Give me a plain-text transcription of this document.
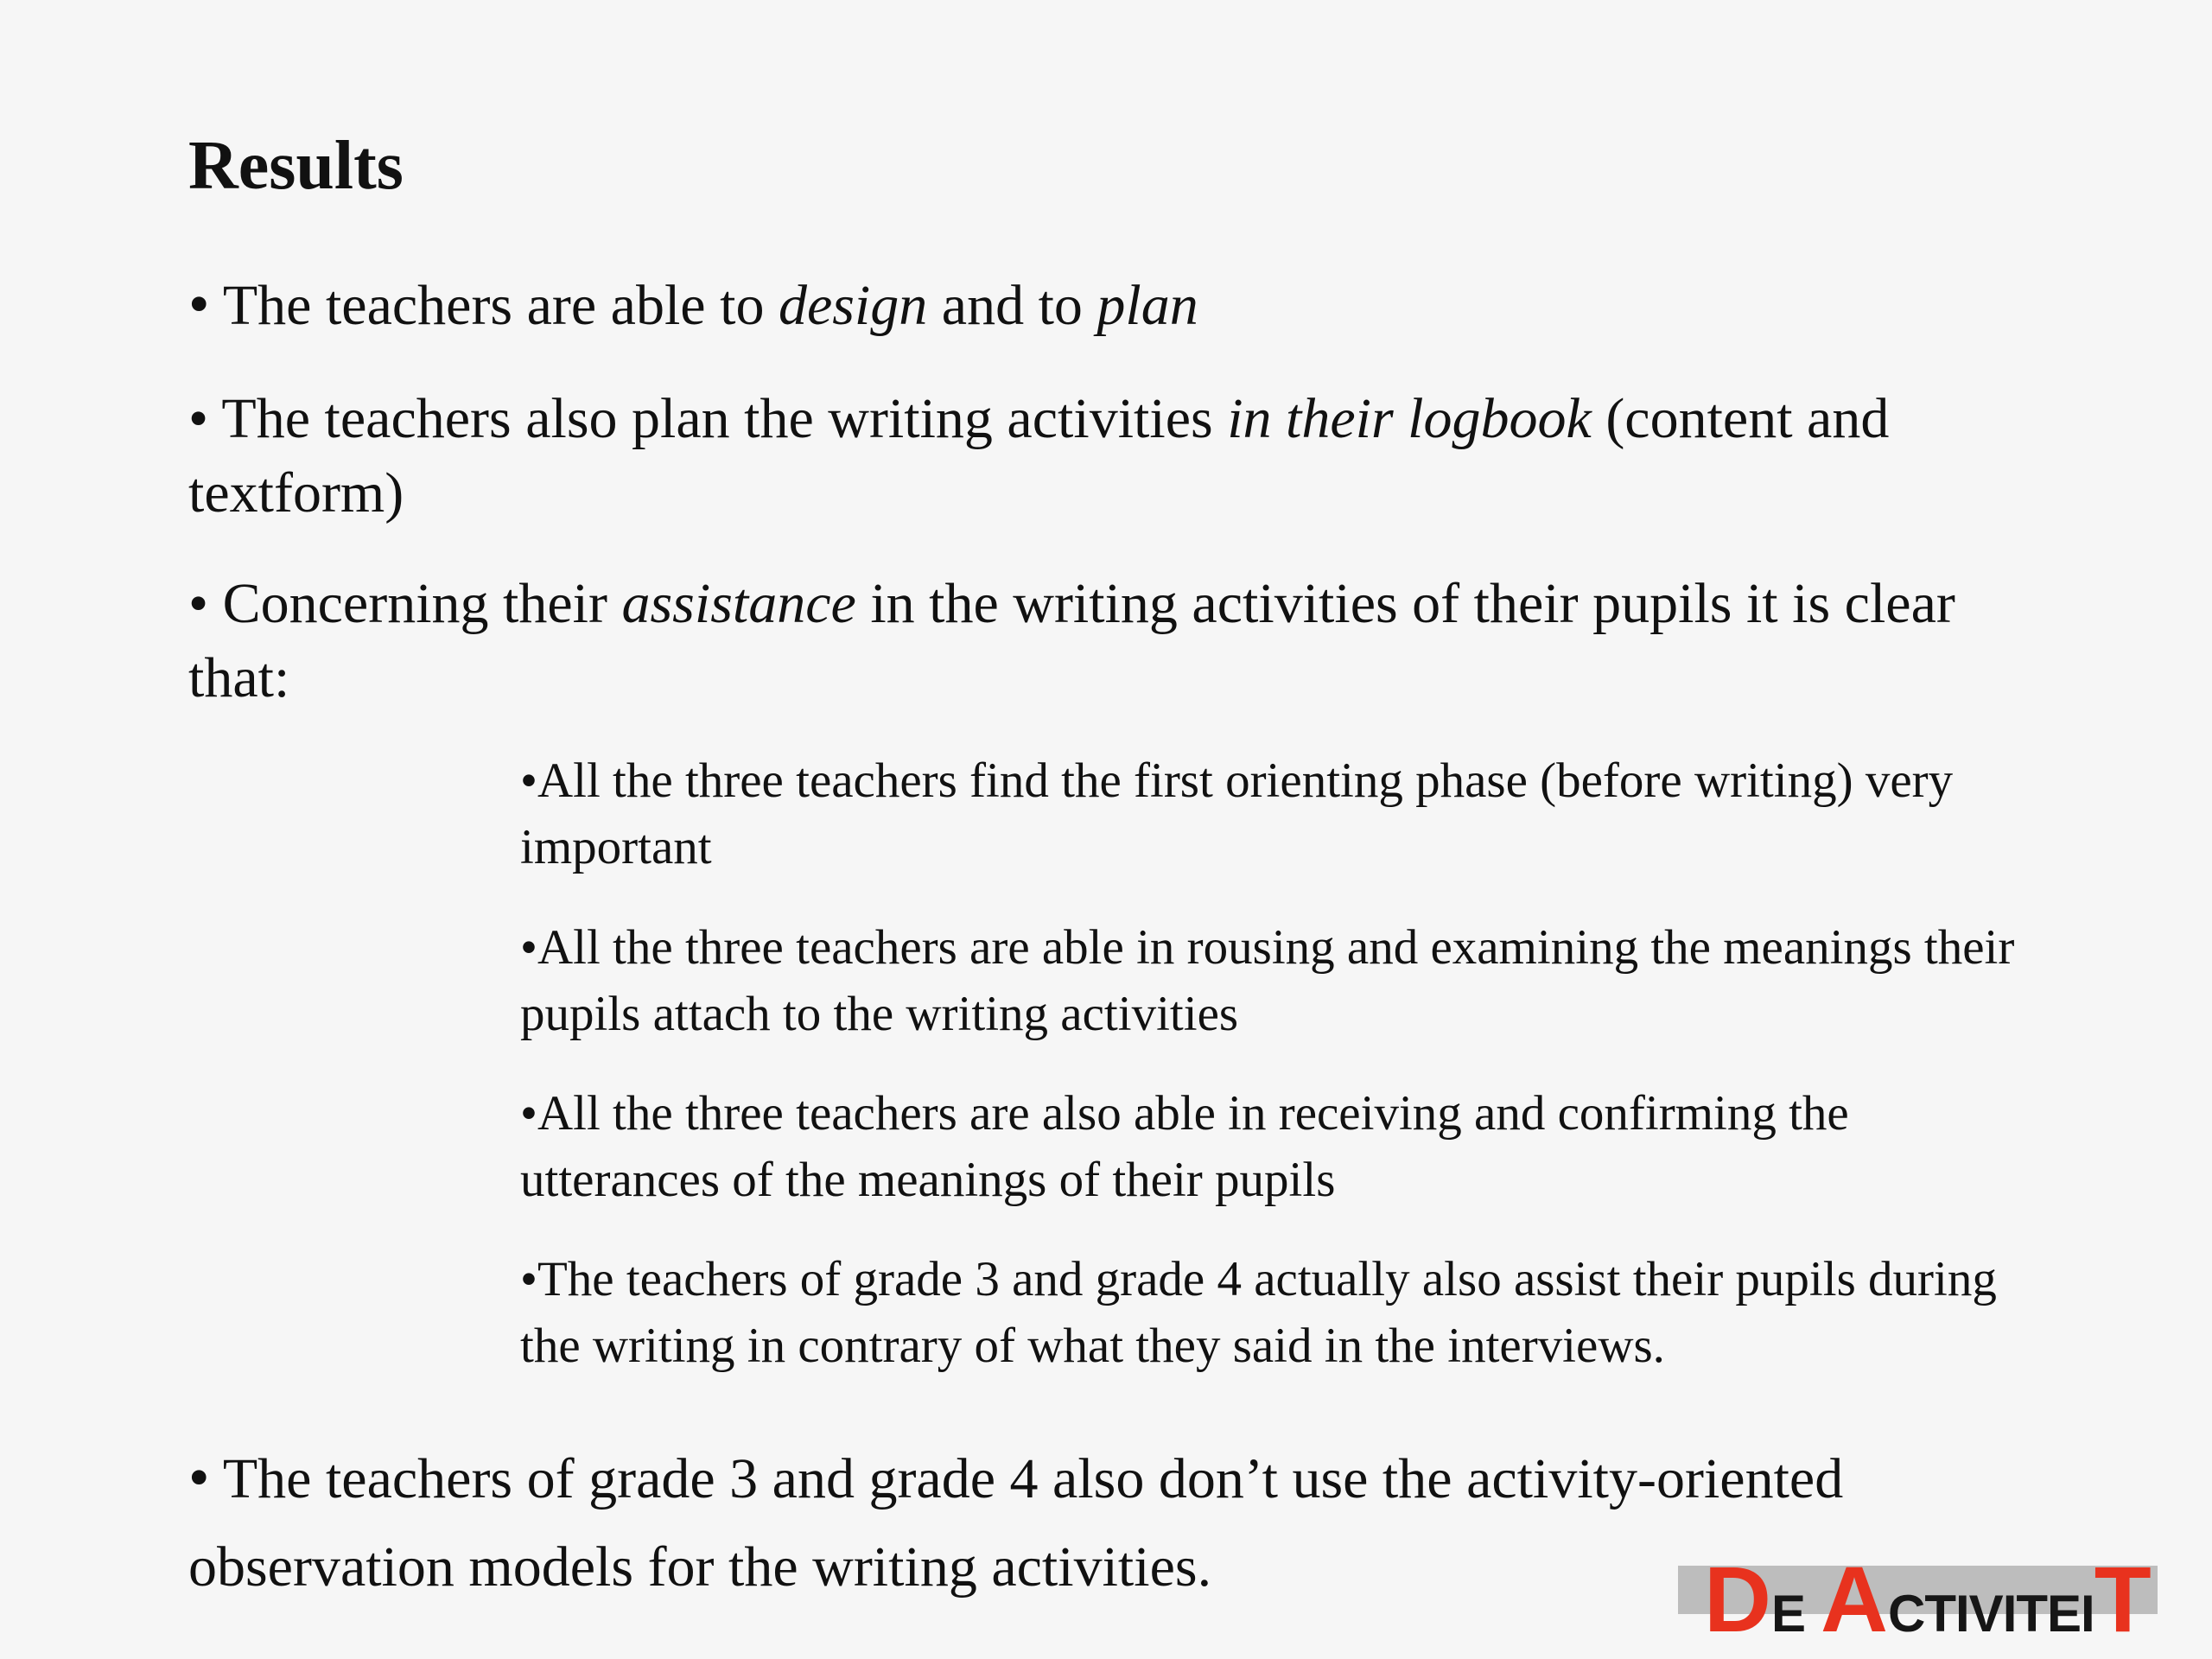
Results

• The teachers are able to design and to plan

• The teachers also plan the writing activities in their logbook (content and textform)

• Concerning their assistance in the writing activities of their pupils it is clear that:

•All the three teachers find the first orienting phase (before writing) very important

•All the three teachers are able in rousing and examining the meanings their pupils attach to the writing activities

•All the three teachers are also able in receiving and confirming the utterances of the meanings of their pupils

•The teachers of grade 3 and grade 4 actually also assist their pupils during the writing in contrary of what they said in the interviews.

• The teachers of grade 3 and grade 4 also don’t use the activity-oriented observation models for the writing activities.	DE ACTIVITEIT
